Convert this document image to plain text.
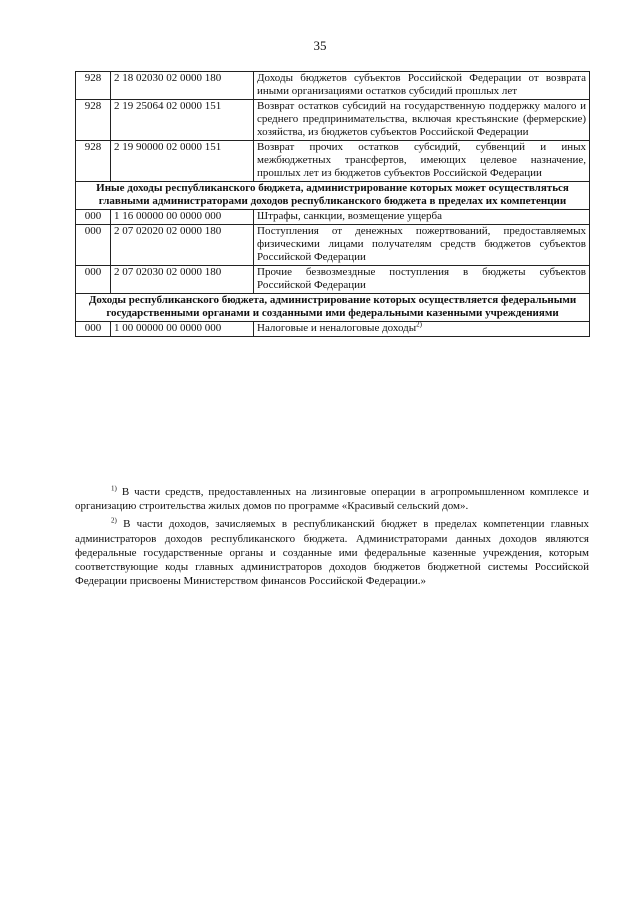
35
928	2 18 02030 02 0000 180	Доходы бюджетов субъектов Российской Федерации от возврата иными организациями остатков субсидий прошлых лет
928	2 19 25064 02 0000 151	Возврат остатков субсидий на государственную поддержку малого и среднего предпринимательства, включая крестьянские (фермерские) хозяйства, из бюджетов субъектов Российской Федерации
928	2 19 90000 02 0000 151	Возврат прочих остатков субсидий, субвенций и иных межбюджетных трансфертов, имеющих целевое назначение, прошлых лет из бюджетов субъектов Российской Федерации
Иные доходы республиканского бюджета, администрирование которых может осуществляться главными администраторами доходов республиканского бюджета в пределах их компетенции		
000	1 16 00000 00 0000 000	Штрафы, санкции, возмещение ущерба
000	2 07 02020 02 0000 180	Поступления от денежных пожертвований, предоставляемых физическими лицами получателям средств бюджетов субъектов Российской Федерации
000	2 07 02030 02 0000 180	Прочие безвозмездные поступления в бюджеты субъектов Российской Федерации
Доходы республиканского бюджета, администрирование которых осуществляется федеральными государственными органами и созданными ими федеральными казенными учреждениями		
000	1 00 00000 00 0000 000	Налоговые и неналоговые доходы$^{2)}$

$^{1)}$ В части средств, предоставленных на лизинговые операции в агропромышленном комплексе и организацию строительства жилых домов по программе «Красивый сельский дом».

$^{2)}$ В части доходов, зачисляемых в республиканский бюджет в пределах компетенции главных администраторов доходов республиканского бюджета. Администраторами данных доходов являются федеральные государственные органы и созданные ими федеральные казенные учреждения, которым соответствующие коды главных администраторов доходов бюджетов бюджетной системы Российской Федерации присвоены Министерством финансов Российской Федерации.»
